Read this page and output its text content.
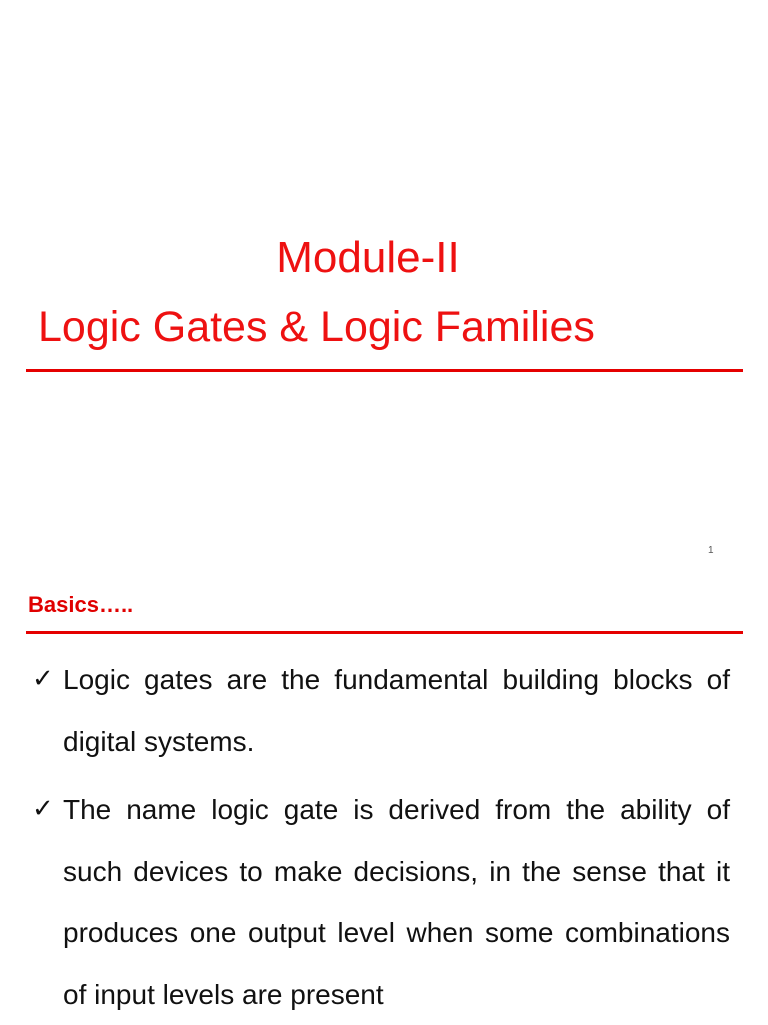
Module-II
Logic Gates & Logic Families
1
Basics…..
✓ Logic gates are the fundamental building blocks of digital systems.
✓ The name logic gate is derived from the ability of such devices to make decisions, in the sense that it produces one output level when some combinations of input levels are present
